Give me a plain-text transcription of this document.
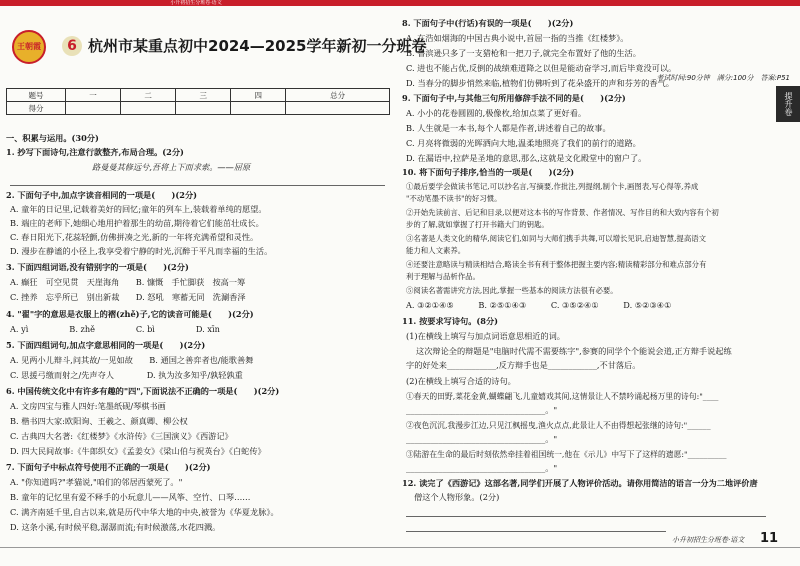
小升初招生分班卷·语文
王朝霞	6 杭州市某重点初中2024—2025学年新初一分班卷
考试时间:90分钟　满分:100分　答案:P51
题号	一	二	三	四	总分
得分					
一、积累与运用。(30分)
1. 抄写下面诗句,注意行款整齐,布局合理。(2分)
路曼曼其修远兮,吾将上下而求索。——屈原
2. 下面句子中,加点字读音相同的一项是(　　)(2分)
A. 童年的日记里,记载着美好的回忆;童年的列车上,装载着单纯的愿望。
B. 端庄的老师下,她细心地用护着那生的幼苗,期待着它们能茁壮成长。
C. 春日阳光下,花蕊轻颤,仿佛拼凑之光,新的一年将充满希望和灵性。
D. 漫步在静谧的小径上,我享受着宁静的时光,沉醉于平凡而幸福的生活。
3. 下面四组词语,没有错别字的一项是(　　)(2分)
A. 癫狂　可空见贯　天崖海角　　B. 慷慨　手忙脚获　按高一筹
C. 挫养　忘乎所已　别出新裁　　D. 怒吼　寒蓄无同　洗涮香泽
4. "翟"字的意思是衣服上的褶(zhě)子,它的读音可能是(　　)(2分)
A. yì　　　　　B. zhě　　　　　C. bì　　　　　D. xīn
5. 下面四组词句,加点字意思相同的一项是(　　)(2分)
A. 见两小儿辩斗,问其故/一见如故　　B. 通国之善弈者也/能歌善舞
C. 思援弓缴而射之/先声夺人　　　　D. 执为汝多知乎/孰轻孰重
6. 中国传统文化中有许多有趣的"四",下面说法不正确的一项是(　　)(2分)
A. 文房四宝与雅人四好:笔墨纸砚/琴棋书画
B. 楷书四大家:欧阳询、王羲之、颜真卿、柳公权
C. 古典四大名著:《红楼梦》《水浒传》《三国演义》《西游记》
D. 四大民间故事:《牛郎织女》《孟姜女》《梁山伯与祝英台》《白蛇传》
7. 下面句子中标点符号使用不正确的一项是(　　)(2分)
A. "你知道吗?"孝猫说,"咱们的邻居西蒙死了。"
B. 童年的记忆里有爱不释手的小玩意儿——风筝、空竹、口琴……
C. 满齐南延千里,自古以来,就是历代中华大地的中央,被誉为《华夏龙脉》。
D. 这条小溪,有时候平稳,潺潺而流;有时候激荡,水花四溅。
8. 下面句子中(行话)有误的一项是(　　)(2分)
A. 在浩如烟海的中国古典小说中,首屈一指的当推《红楼梦》。
B. 鲁滨逊只多了一支猎枪和一把刀子,就完全布置好了他的生活。
C. 进也不能占优,反倒的战绩难道降之以但是能动奋学习,而后毕竟没可以。
D. 当春分的脚步悄然来临,植物们仿佛听到了花朵盛开的声和芬芳的香气。
9. 下面句子中,与其他三句所用修辞手法不同的是(　　)(2分)
A. 小小的花卷圆圆的,极像枚,给加点菜了更好看。
B. 人生就是一本书,每个人都是作者,讲述着自己的故事。
C. 月亮将微弱的光晖洒向大地,温柔地照亮了我们的前行的道路。
D. 在漏语中,拉萨是圣地的意思,那么,这就是文化殿堂中的窗户了。
10. 将下面句子排序,恰当的一项是(　　)(2分)
①最后要学会做读书笔记,可以抄名言,写摘要,作批注,列提纲,制个卡,画图表,写心得等,养成
"不动笔墨不读书"的好习惯。
②开始先读前言、后记和目录,以便对这本书的写作背景、作者情况、写作目的和大致内容有个初
步的了解,就如掌握了打开书籍大门的钥匙。
③名著是人类文化的精华,阅读它们,如同与大师们携手共舞,可以增长见识,启迪智慧,提高语文
能力和人文素养。
④还要注意略读与精读相结合,略读全书有利于整体把握主要内容;精读精彩部分和难点部分有
利于理解与品析作品。
⑤阅读名著需讲究方法,因此,掌握一些基本的阅读方法很有必要。
A. ③②①④⑤　　　B. ②⑤①④③　　　C. ③⑤②④①　　　D. ⑤②③④①
11. 按要求写诗句。(8分)
(1)在横线上填写与加点词语意思相近的词。
这次辩论全的辩题是"电脑时代需不需要练字",参赛的同学个个能说会道,正方辩手说起练
字的好处来____________,反方辩手也是____________,不甘落后。
(2)在横线上填写合适的诗句。
①春天的田野,菜花金黄,蝴蝶翩飞,儿童嬉戏其间,这情景让人不禁吟诵起杨万里的诗句:"____
__________________________________。"
②夜色沉沉,我漫步江边,只见江枫摇曳,渔火点点,此景让人不由得想起张继的诗句:"______
__________________________________。"
③陆游在生命的最后时刻依然牵挂着祖国统一,他在《示儿》中写下了这样的遗愿:"__________
__________________________________。"
12. 读完了《西游记》这部名著,同学们开展了人物评价活动。请你用简洁的语言一分为二地评价唐
僧这个人物形象。(2分)
提升卷
小升初招生分班卷·语文 11
